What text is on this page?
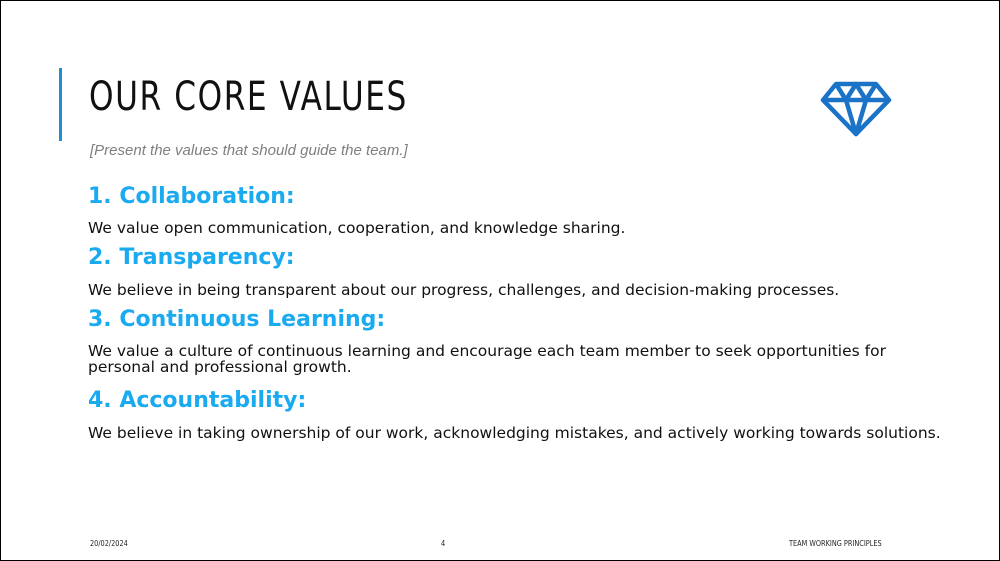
OUR CORE VALUES
[Present the values that should guide the team.]
1. Collaboration:
We value open communication, cooperation, and knowledge sharing.
2. Transparency:
We believe in being transparent about our progress, challenges, and decision-making processes.
3. Continuous Learning:
We value a culture of continuous learning and encourage each team member to seek opportunities for personal and professional growth.
4. Accountability:
We believe in taking ownership of our work, acknowledging mistakes, and actively working towards solutions.
20/02/2024	4	TEAM WORKING PRINCIPLES
